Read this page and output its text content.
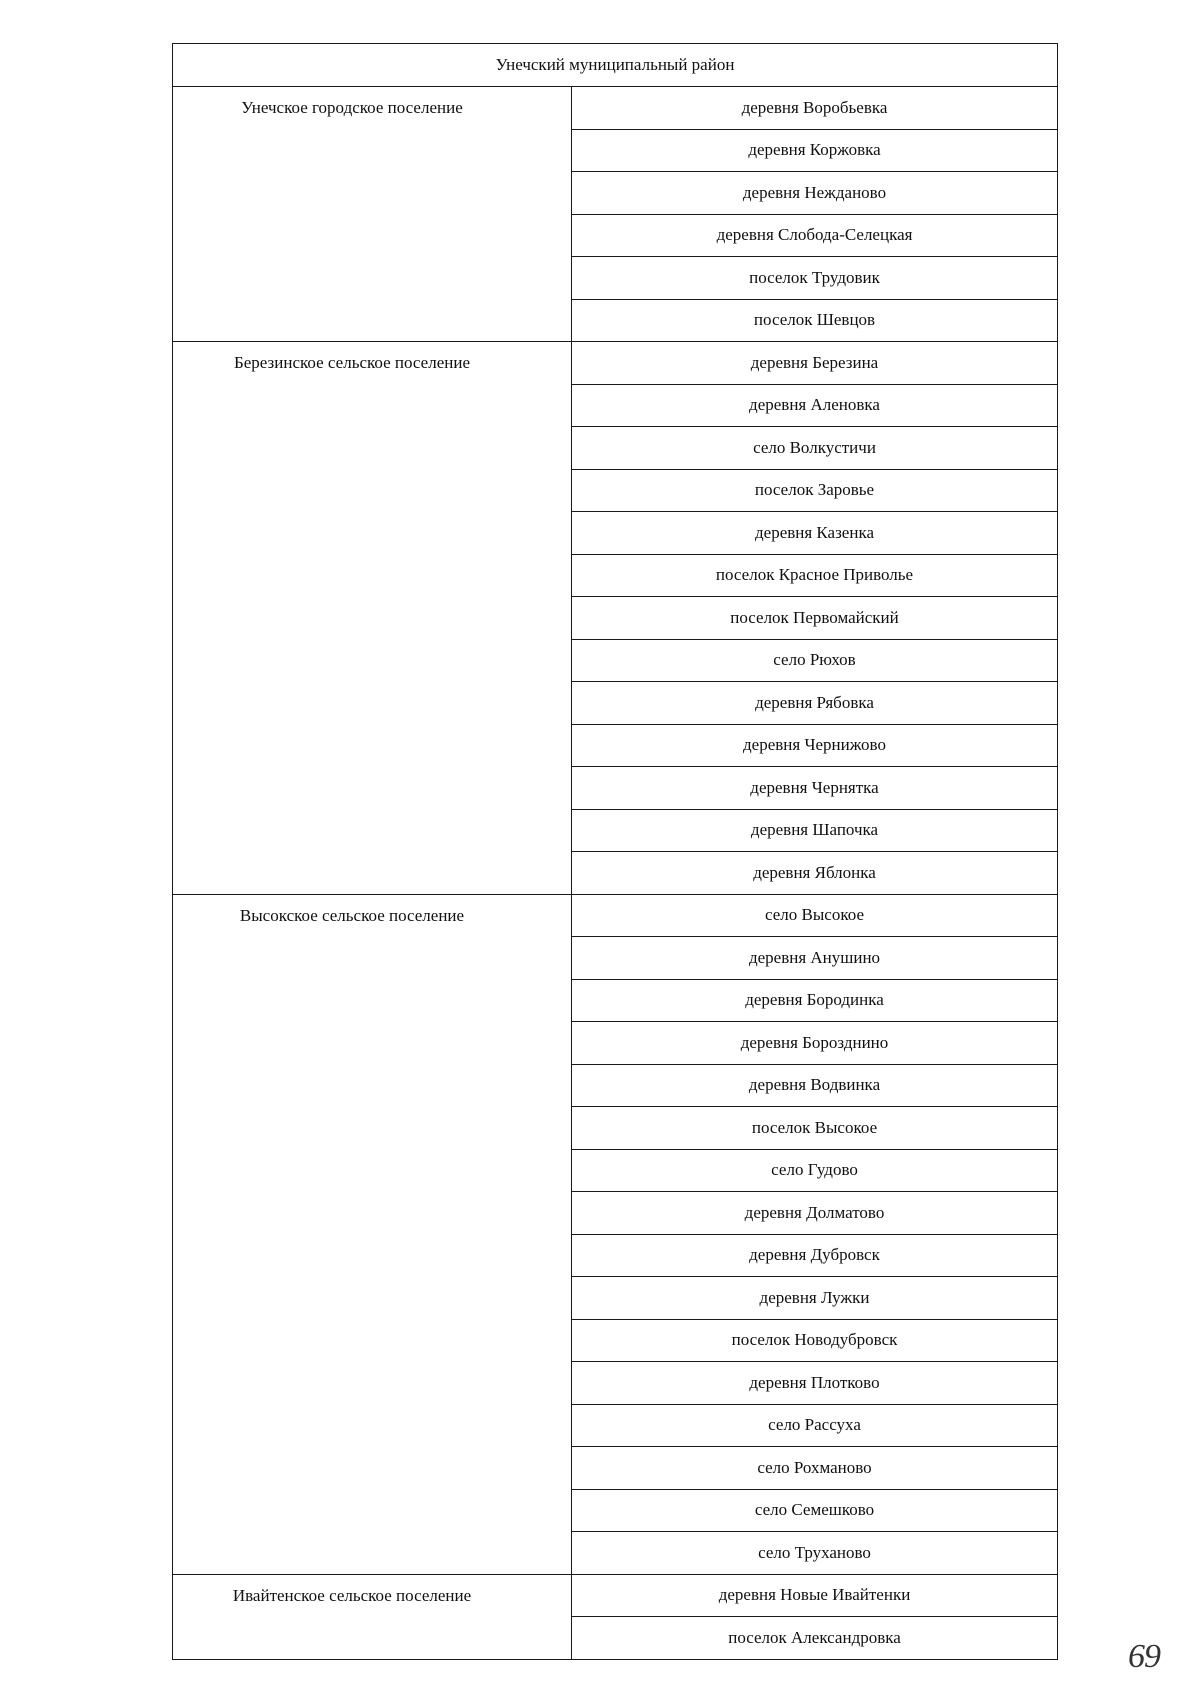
Унечский муниципальный район	
Унечское городское поселение	деревня Воробьевка
	деревня Коржовка
	деревня Нежданово
	деревня Слобода-Селецкая
	поселок Трудовик
	поселок Шевцов
Березинское сельское поселение	деревня Березина
	деревня Аленовка
	село Волкустичи
	поселок Заровье
	деревня Казенка
	поселок Красное Приволье
	поселок Первомайский
	село Рюхов
	деревня Рябовка
	деревня Чернижово
	деревня Чернятка
	деревня Шапочка
	деревня Яблонка
Высокское сельское поселение	село Высокое
	деревня Анушино
	деревня Бородинка
	деревня Борозднино
	деревня Водвинка
	поселок Высокое
	село Гудово
	деревня Долматово
	деревня Дубровск
	деревня Лужки
	поселок Новодубровск
	деревня Плотково
	село Рассуха
	село Рохманово
	село Семешково
	село Труханово
Ивайтенское сельское поселение	деревня Новые Ивайтенки
	поселок Александровка
69
